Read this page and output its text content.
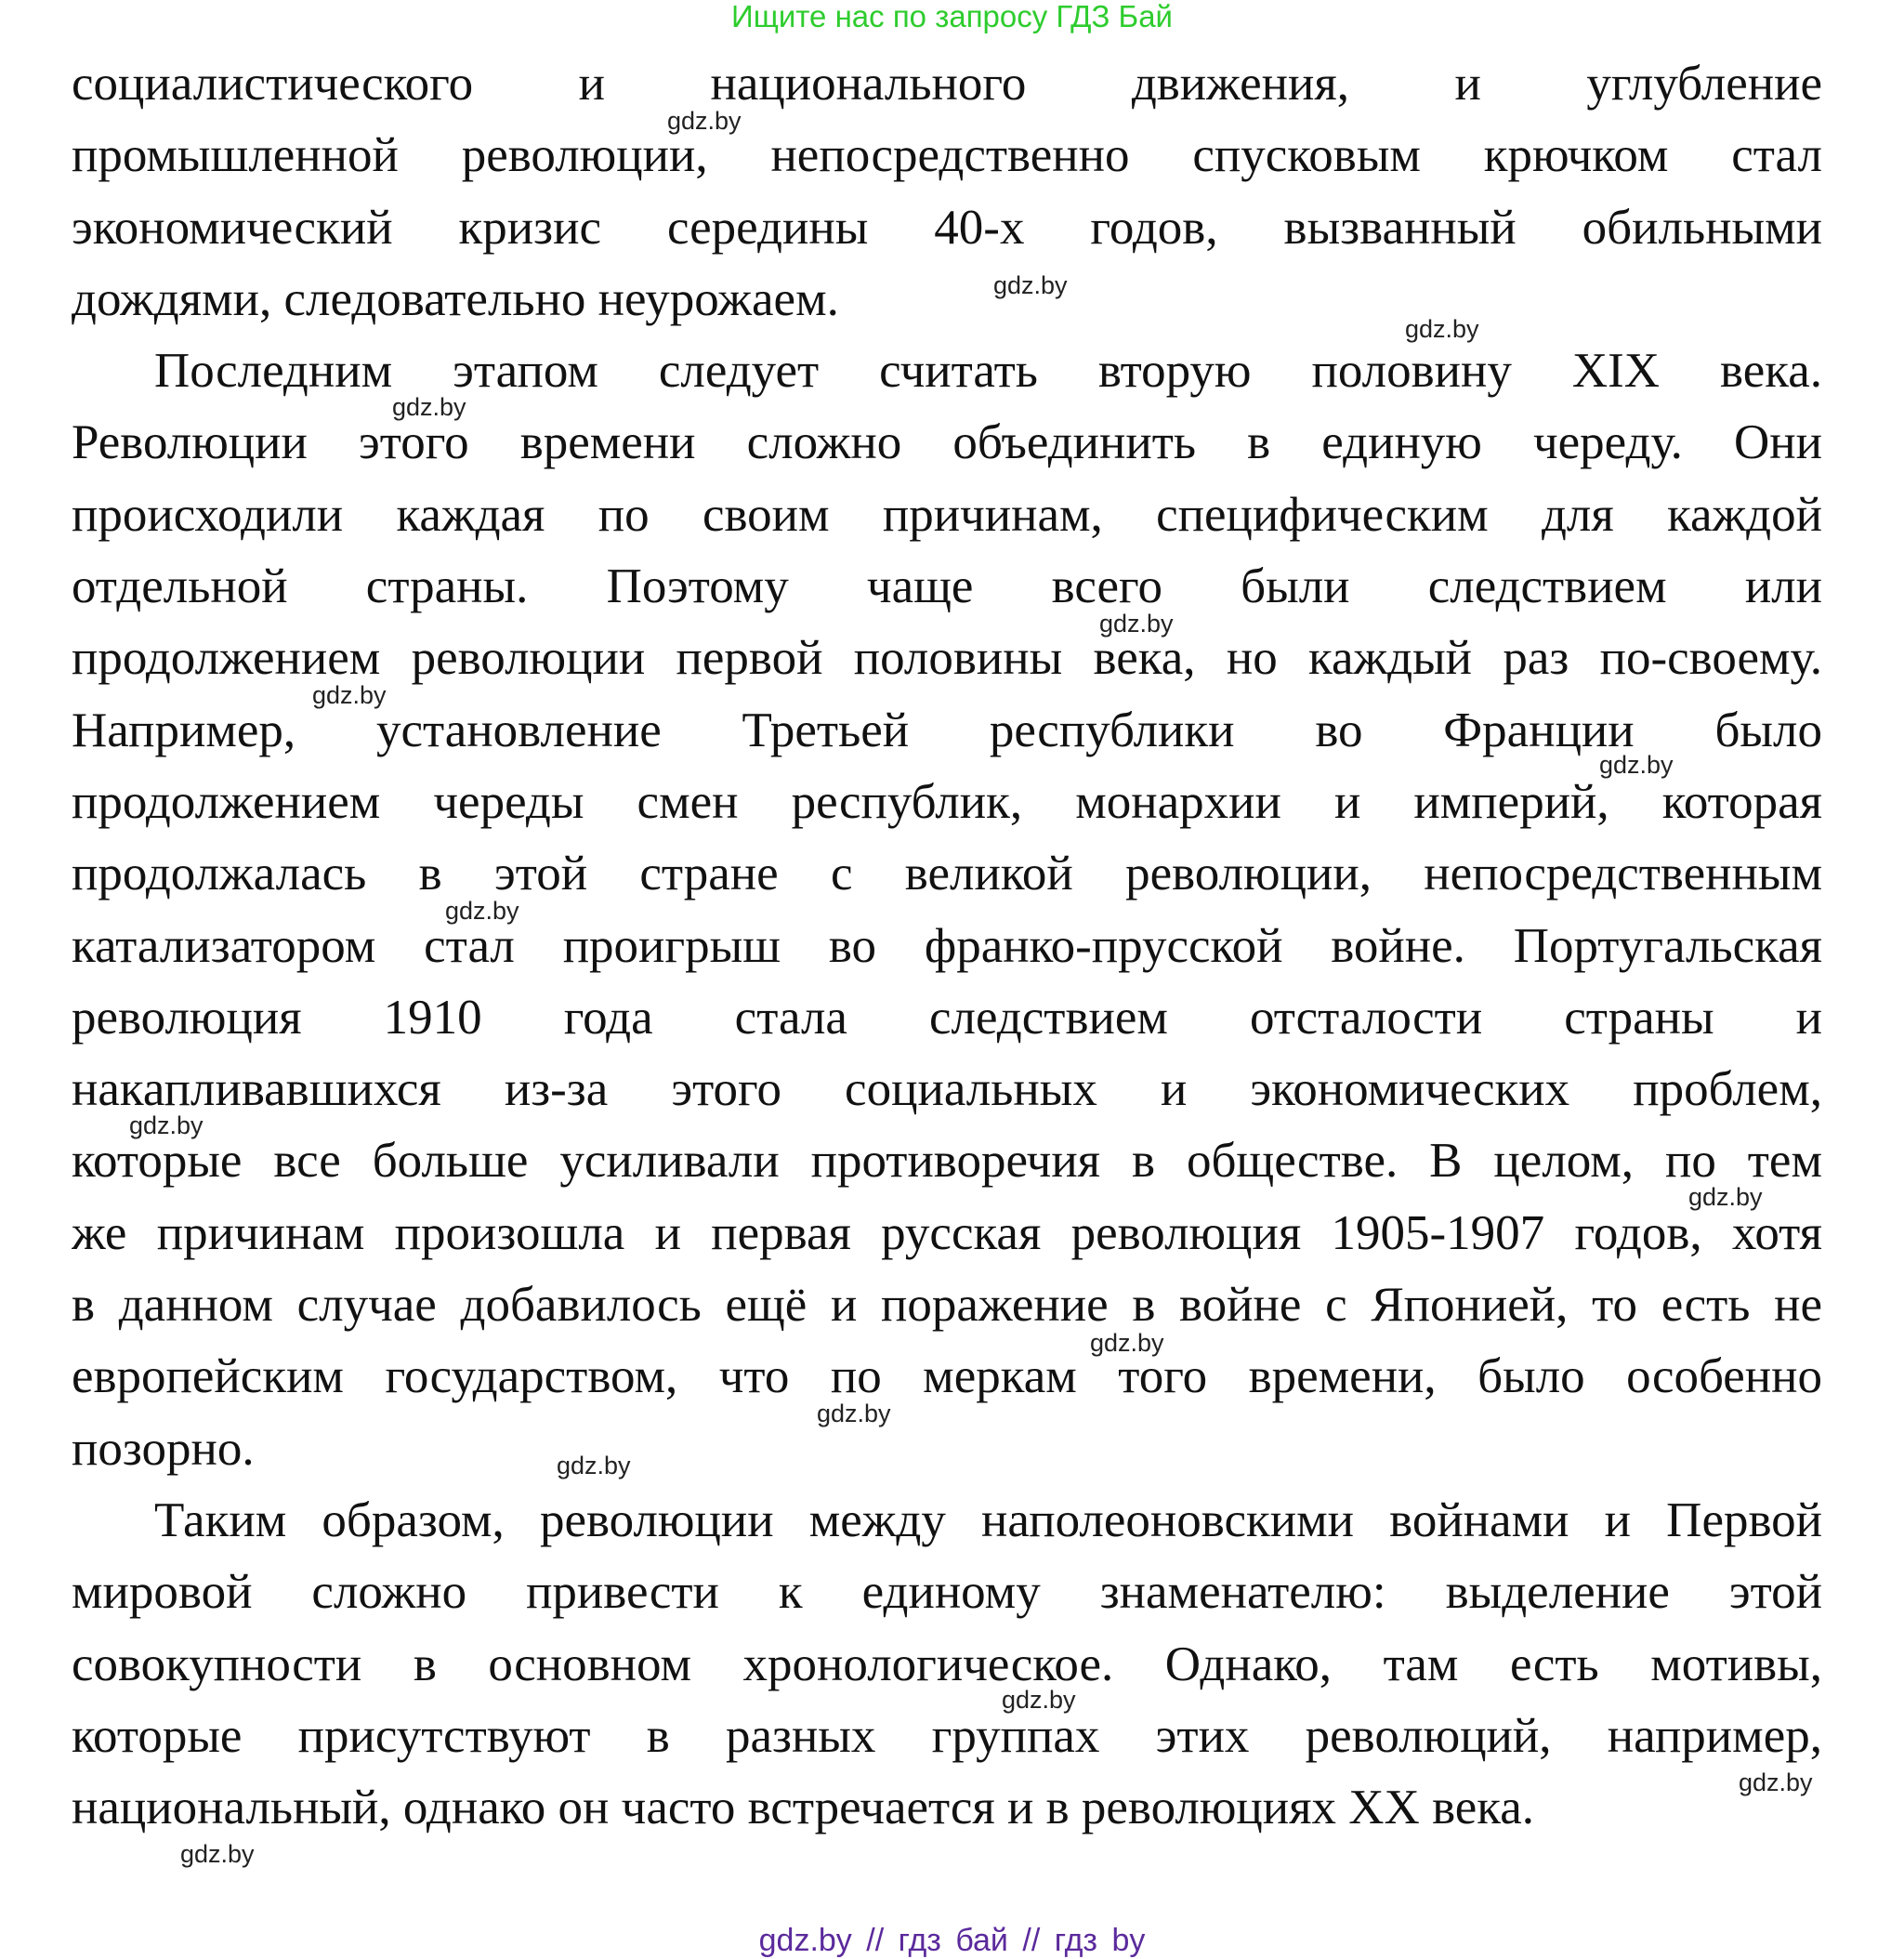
Ищите нас по запросу ГДЗ Бай
социалистического и национального движения, и углубление
промышленной революции, непосредственно спусковым крючком стал
экономический кризис середины 40-х годов, вызванный обильными
дождями, следовательно неурожаем.
Последним этапом следует считать вторую половину XIX века.
Революции этого времени сложно объединить в единую череду. Они
происходили каждая по своим причинам, специфическим для каждой
отдельной страны. Поэтому чаще всего были следствием или
продолжением революции первой половины века, но каждый раз по-своему.
Например, установление Третьей республики во Франции было
продолжением череды смен республик, монархии и империй, которая
продолжалась в этой стране с великой революции, непосредственным
катализатором стал проигрыш во франко-прусской войне. Португальская
революция 1910 года стала следствием отсталости страны и
накапливавшихся из-за этого социальных и экономических проблем,
которые все больше усиливали противоречия в обществе. В целом, по тем
же причинам произошла и первая русская революция 1905-1907 годов, хотя
в данном случае добавилось ещё и поражение в войне с Японией, то есть не
европейским государством, что по меркам того времени, было особенно
позорно.
Таким образом, революции между наполеоновскими войнами и Первой
мировой сложно привести к единому знаменателю: выделение этой
совокупности в основном хронологическое. Однако, там есть мотивы,
которые присутствуют в разных группах этих революций, например,
национальный, однако он часто встречается и в революциях XX века.
gdz.by
gdz.by
gdz.by
gdz.by
gdz.by
gdz.by
gdz.by
gdz.by
gdz.by
gdz.by
gdz.by
gdz.by
gdz.by
gdz.by
gdz.by
gdz.by
gdz.by // гдз бай // гдз by
